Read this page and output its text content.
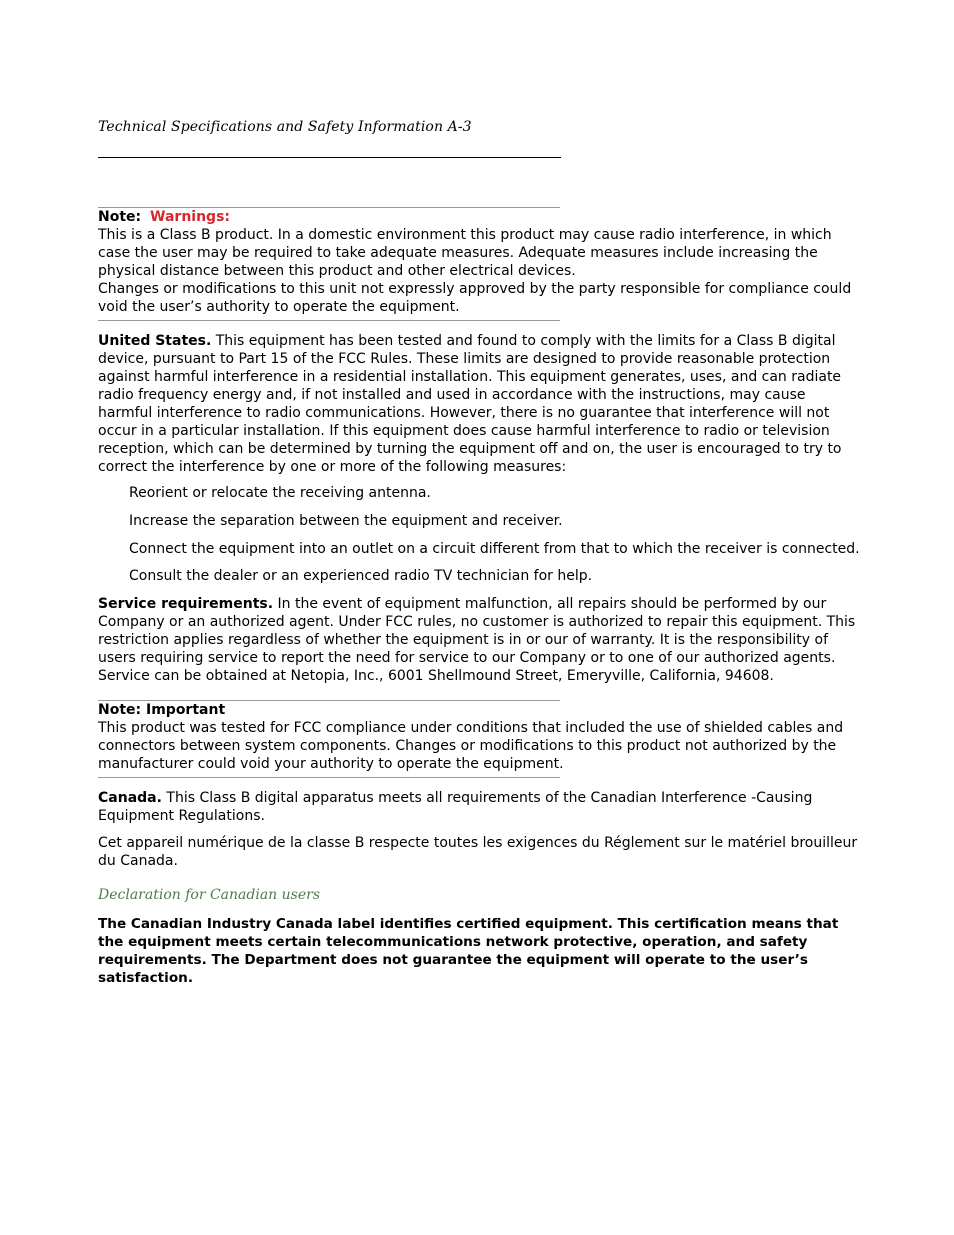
Technical Specifications and Safety Information A-3
Note: Warnings:

This is a Class B product. In a domestic environment this product may cause radio interference, in which case the user may be required to take adequate measures. Adequate measures include increasing the physical distance between this product and other electrical devices.

Changes or modifications to this unit not expressly approved by the party responsible for compliance could void the user’s authority to operate the equipment.

United States. This equipment has been tested and found to comply with the limits for a Class B digital device, pursuant to Part 15 of the FCC Rules. These limits are designed to provide reasonable protection against harmful interference in a residential installation. This equipment generates, uses, and can radiate radio frequency energy and, if not installed and used in accordance with the instructions, may cause harmful interference to radio communications. However, there is no guarantee that interference will not occur in a particular installation. If this equipment does cause harmful interference to radio or television reception, which can be determined by turning the equipment off and on, the user is encouraged to try to correct the interference by one or more of the following measures:
Reorient or relocate the receiving antenna.
Increase the separation between the equipment and receiver.
Connect the equipment into an outlet on a circuit different from that to which the receiver is connected.
Consult the dealer or an experienced radio TV technician for help.
Service requirements. In the event of equipment malfunction, all repairs should be performed by our Company or an authorized agent. Under FCC rules, no customer is authorized to repair this equipment. This restriction applies regardless of whether the equipment is in or our of warranty. It is the responsibility of users requiring service to report the need for service to our Company or to one of our authorized agents. Service can be obtained at Netopia, Inc., 6001 Shellmound Street, Emeryville, California, 94608.
Note: Important

This product was tested for FCC compliance under conditions that included the use of shielded cables and connectors between system components. Changes or modifications to this product not authorized by the manufacturer could void your authority to operate the equipment.

Canada. This Class B digital apparatus meets all requirements of the Canadian Interference -Causing Equipment Regulations.
Cet appareil numérique de la classe B respecte toutes les exigences du Réglement sur le matériel brouilleur du Canada.
Declaration for Canadian users
The Canadian Industry Canada label identifies certified equipment. This certification means that the equipment meets certain telecommunications network protective, operation, and safety requirements. The Department does not guarantee the equipment will operate to the user’s satisfaction.
